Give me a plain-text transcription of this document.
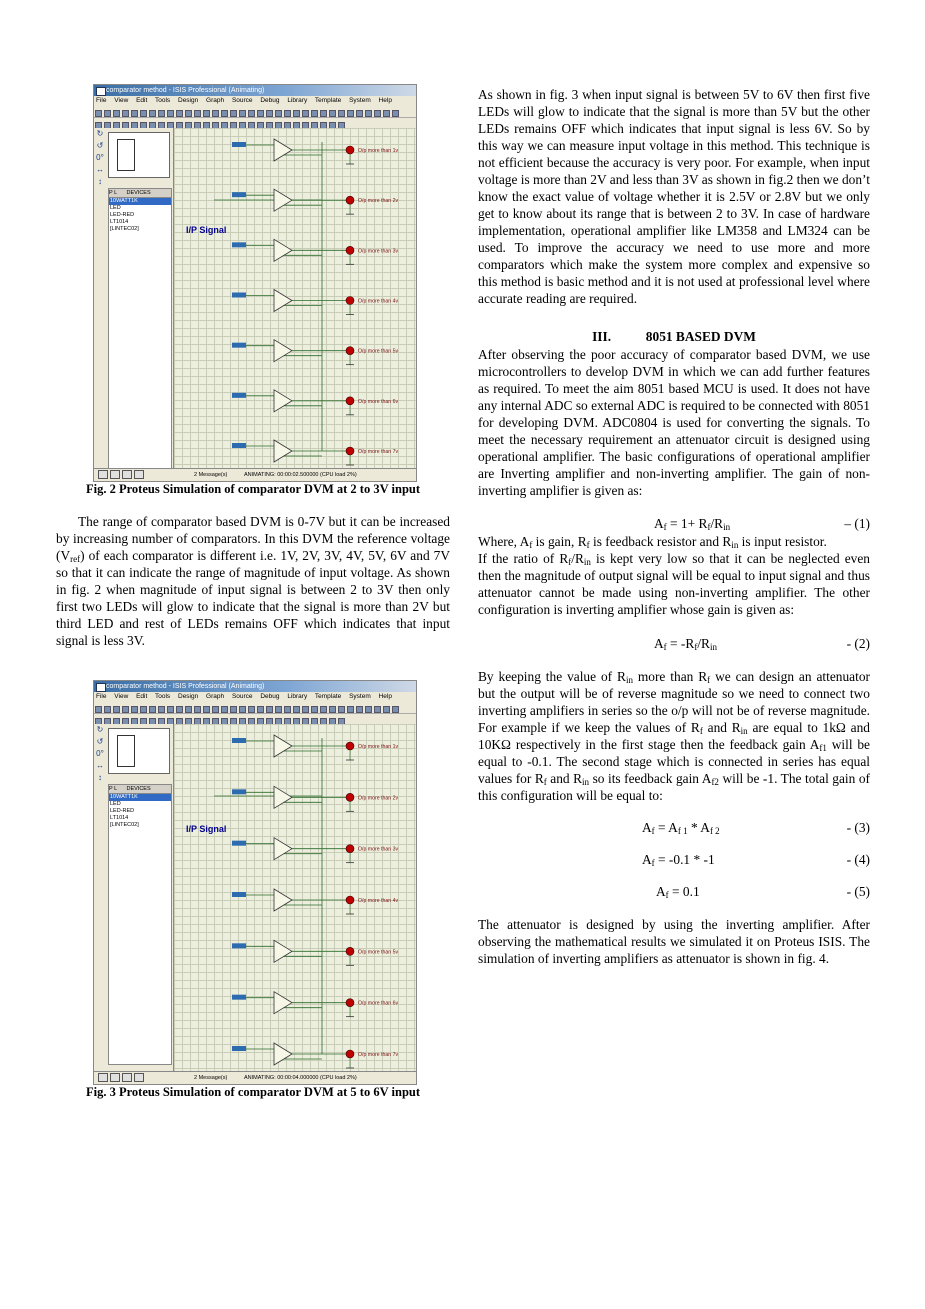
comparator method - ISIS Professional (Animating)
File View Edit Tools Design Graph Source Debug Library Template System Help
↻
↺
0°
↔
↕
P L DEVICES
10WATT1K
LED
LED-RED
LT1014
[LINTEC02]	I/P Signal
O/p more than 1v
O/p more than 2v
O/p more than 3v
O/p more than 4v
O/p more than 5v
O/p more than 6v
O/p more than 7v
2 Message(s)	ANIMATING: 00:00:02.500000 (CPU load 2%)
Fig. 2 Proteus Simulation of comparator DVM at 2 to 3V input

The range of comparator based DVM is 0-7V but it can be increased by increasing number of comparators. In this DVM the reference voltage $(V_{ref})$ of each comparator is different i.e. 1V, 2V, 3V, 4V, 5V, 6V and 7V so that it can indicate the range of magnitude of input voltage. As shown in fig. 2 when magnitude of input signal is between 2 to 3V then only first two LEDs will glow to indicate that the signal is more than 2V but third LED and rest of LEDs remains OFF which indicates that input signal is less 3V.

comparator method - ISIS Professional (Animating)
File View Edit Tools Design Graph Source Debug Library Template System Help
↻
↺
0°
↔
↕
P L DEVICES
10WATT1K
LED
LED-RED
LT1014
[LINTEC02]	I/P Signal
O/p more than 1v
O/p more than 2v
O/p more than 3v
O/p more than 4v
O/p more than 5v
O/p more than 6v
O/p more than 7v
2 Message(s)	ANIMATING: 00:00:04.000000 (CPU load 2%)
Fig. 3 Proteus Simulation of comparator DVM at 5 to 6V input

As shown in fig. 3 when input signal is between 5V to 6V then first five LEDs will glow to indicate that the signal is more than 5V but the other LEDs remains OFF which indicates that input signal is less 6V. So by this way we can measure input voltage in this method. This technique is not efficient because the accuracy is very poor. For example, when input voltage is more than 2V and less than 3V as shown in fig.2 then we don’t know the exact value of voltage whether it is 2.5V or 2.8V but we only get to know about its range that is between 2 to 3V. In case of hardware implementation, operational amplifier like LM358 and LM324 can be used. To improve the accuracy we need to use more and more comparators which make the system more complex and expensive so this method is basic method and it is not used at professional level where accurate reading are required.

III.	8051 BASED DVM

After observing the poor accuracy of comparator based DVM, we use microcontrollers to develop DVM in which we can add further features as required. To meet the aim 8051 based MCU is used. It does not have any internal ADC so external ADC is required to be connected with 8051 for developing DVM. ADC0804 is used for converting the signals. To meet the necessary requirement an attenuator circuit is designed using operational amplifier. The basic configurations of operational amplifier are Inverting amplifier and non-inverting amplifier. The gain of non-inverting amplifier is given as:

$A_f = 1+ R_f/R_{in}$	– (1)

Where, $A_f$ is gain, $R_f$ is feedback resistor and $R_{in}$ is input resistor.

If the ratio of $R_f/R_{in}$ is kept very low so that it can be neglected even then the magnitude of output signal will be equal to input signal and thus attenuator cannot be made using non-inverting amplifier. The other configuration is inverting amplifier whose gain is given as:

$A_f = -R_f/R_{in}$	- (2)

By keeping the value of $R_{in}$ more than $R_f$ we can design an attenuator but the output will be of reverse magnitude so we need to connect two inverting amplifiers in series so the o/p will not be of reverse magnitude. For example if we keep the values of $R_f$ and $R_{in}$ are equal to 1kΩ and 10KΩ respectively in the first stage then the feedback gain $A_{f1}$ will be equal to -0.1. The second stage which is connected in series has equal values for $R_f$ and $R_{in}$ so its feedback gain $A_{f2}$ will be -1. The total gain of this configuration will be equal to:

$A_f = A_{f 1} * A_{f 2}$	- (3)
$A_f = -0.1 * -1$	- (4)
$A_f = 0.1$	- (5)

The attenuator is designed by using the inverting amplifier. After observing the mathematical results we simulated it on Proteus ISIS. The simulation of inverting amplifiers as attenuator is shown in fig. 4.
